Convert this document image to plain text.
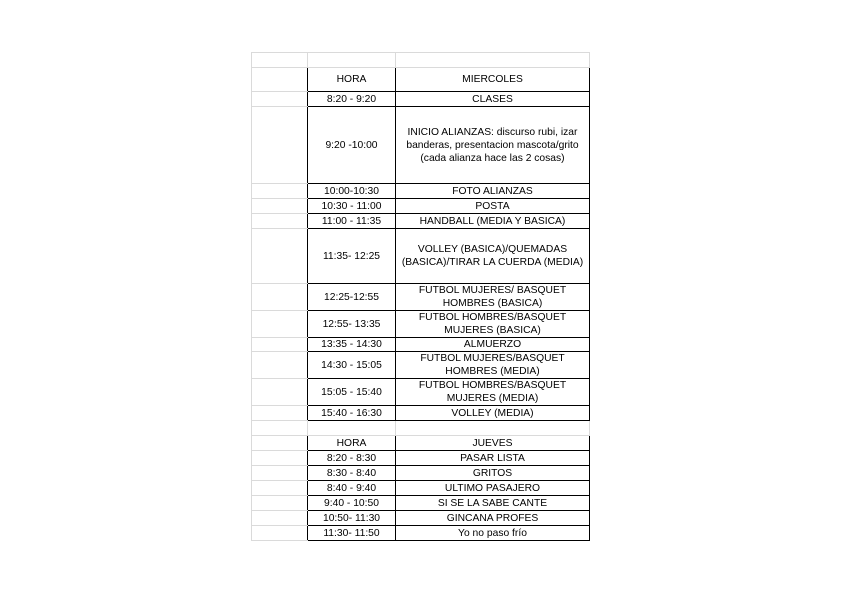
	HORA	MIERCOLES
	8:20 - 9:20	CLASES
	9:20 -10:00	INICIO ALIANZAS: discurso rubi, izar banderas, presentacion mascota/grito (cada alianza hace las 2 cosas)
	10:00-10:30	FOTO ALIANZAS
	10:30 - 11:00	POSTA
	11:00 - 11:35	HANDBALL (MEDIA Y BASICA)
	11:35- 12:25	VOLLEY (BASICA)/QUEMADAS (BASICA)/TIRAR LA CUERDA (MEDIA)
	12:25-12:55	FUTBOL MUJERES/ BASQUET HOMBRES (BASICA)
	12:55- 13:35	FUTBOL HOMBRES/BASQUET MUJERES (BASICA)
	13:35 - 14:30	ALMUERZO
	14:30 - 15:05	FUTBOL MUJERES/BASQUET HOMBRES (MEDIA)
	15:05 - 15:40	FUTBOL HOMBRES/BASQUET MUJERES (MEDIA)
	15:40 - 16:30	VOLLEY (MEDIA)

	HORA	JUEVES
	8:20 - 8:30	PASAR LISTA
	8:30 - 8:40	GRITOS
	8:40 - 9:40	ULTIMO PASAJERO
	9:40 - 10:50	SI SE LA SABE CANTE
	10:50- 11:30	GINCANA PROFES
	11:30- 11:50	Yo no paso frío
